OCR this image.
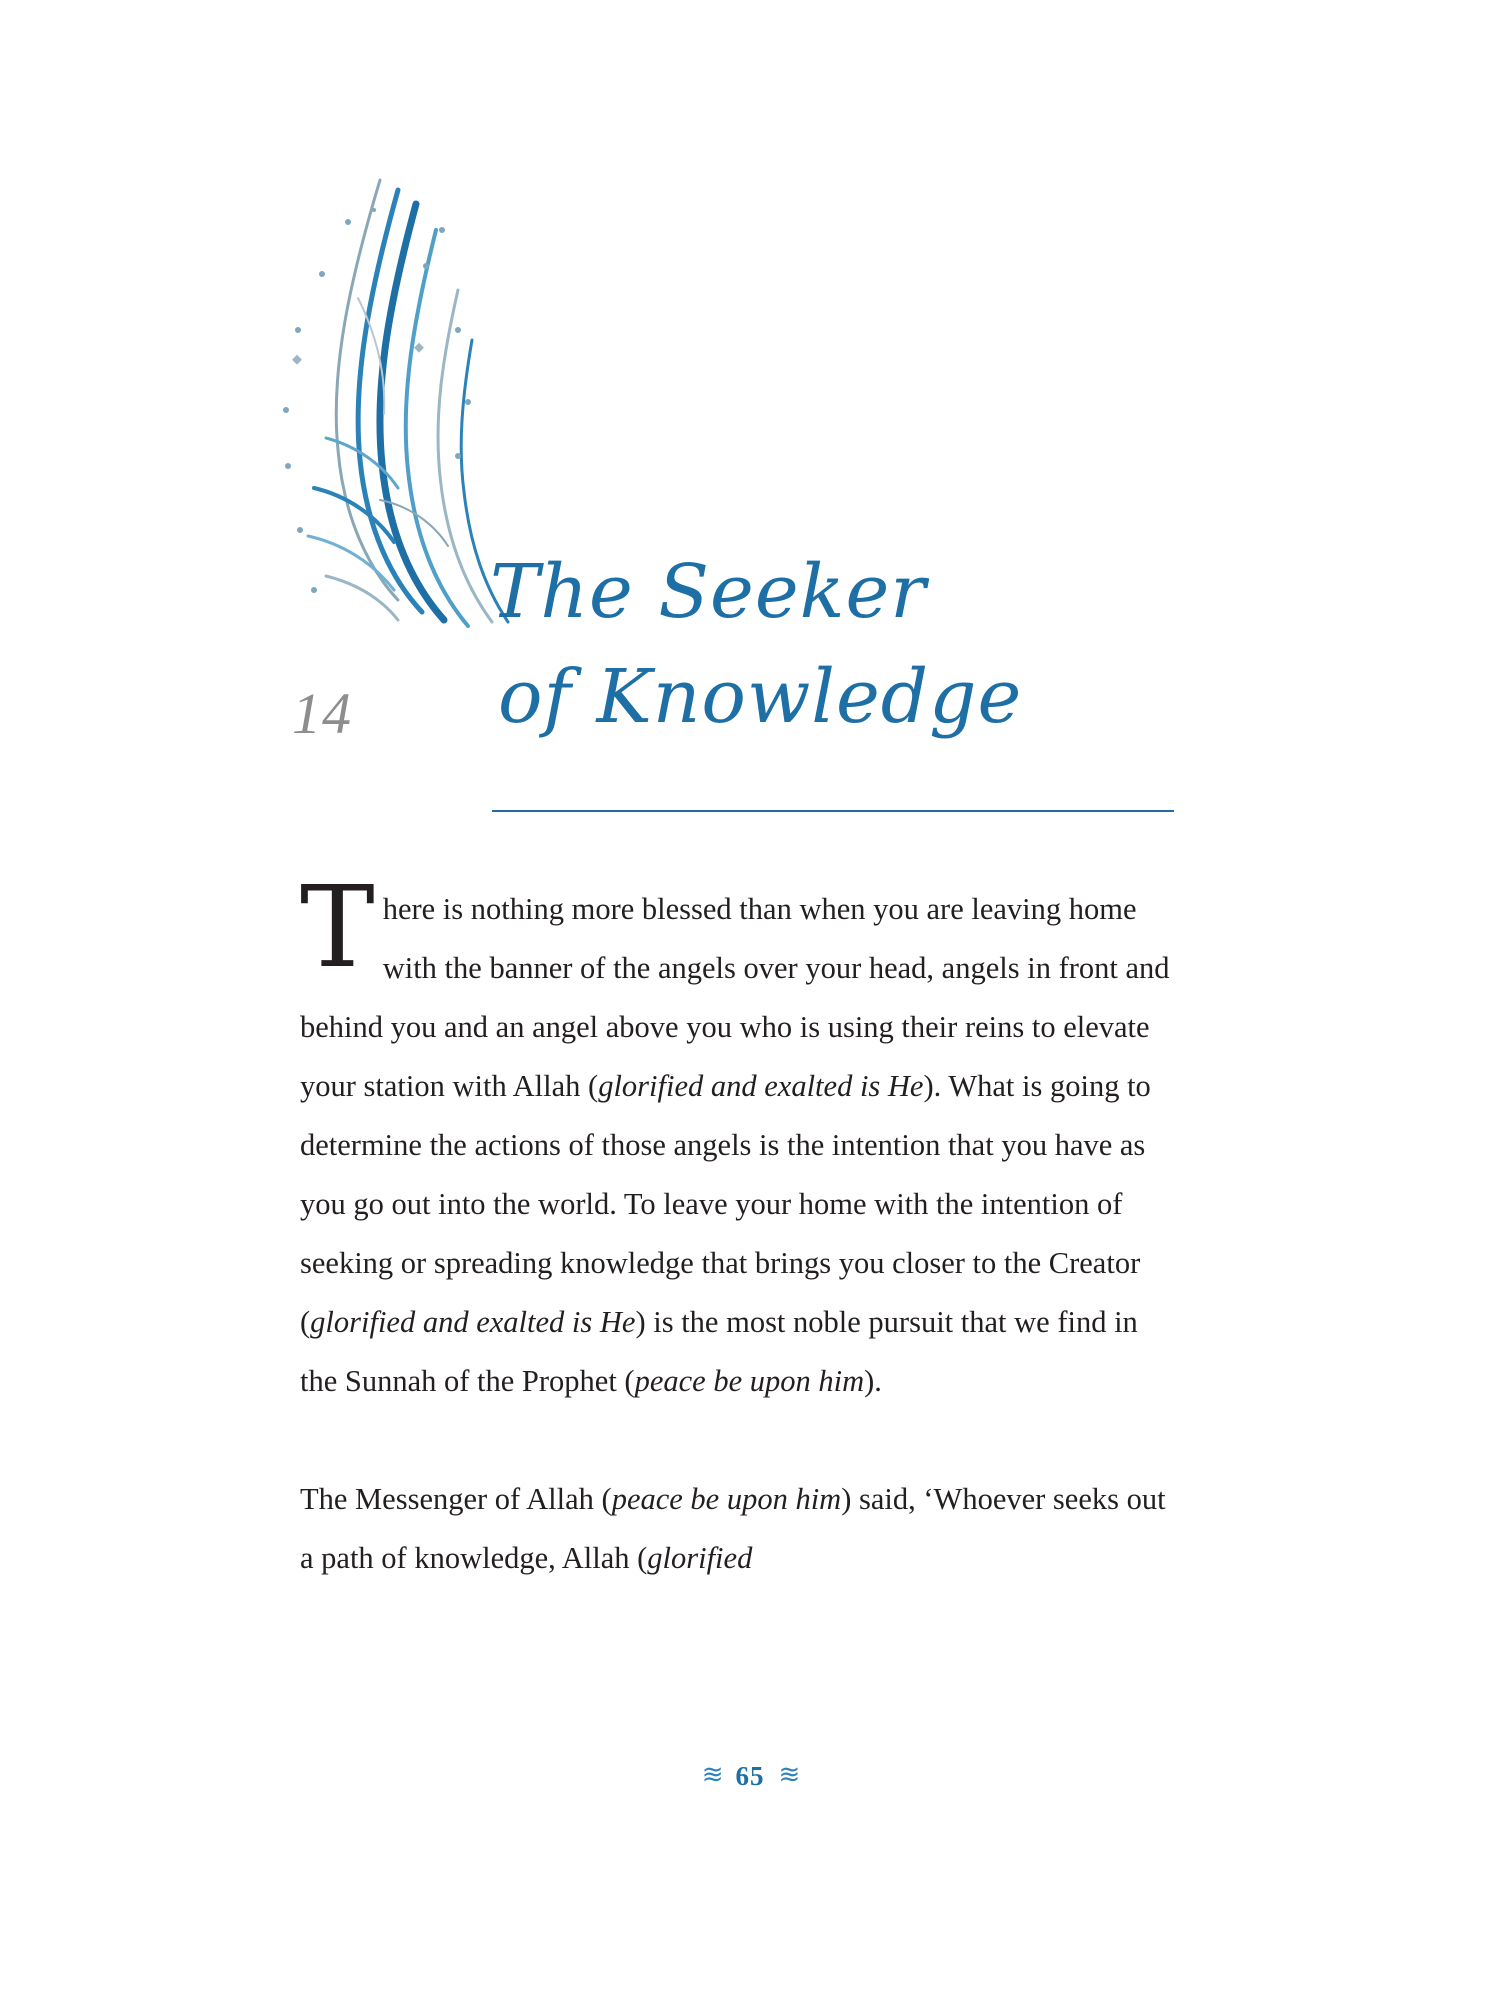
14
The Seeker
of Knowledge

There is nothing more blessed than when you are leaving home with the banner of the angels over your head, angels in front and behind you and an angel above you who is using their reins to elevate your station with Allah (glorified and exalted is He). What is going to determine the actions of those angels is the intention that you have as you go out into the world. To leave your home with the intention of seeking or spreading knowledge that brings you closer to the Creator (glorified and exalted is He) is the most noble pursuit that we find in the Sunnah of the Prophet (peace be upon him).

The Messenger of Allah (peace be upon him) said, ‘Whoever seeks out a path of knowledge, Allah (glorified

≋ 65 ≋
